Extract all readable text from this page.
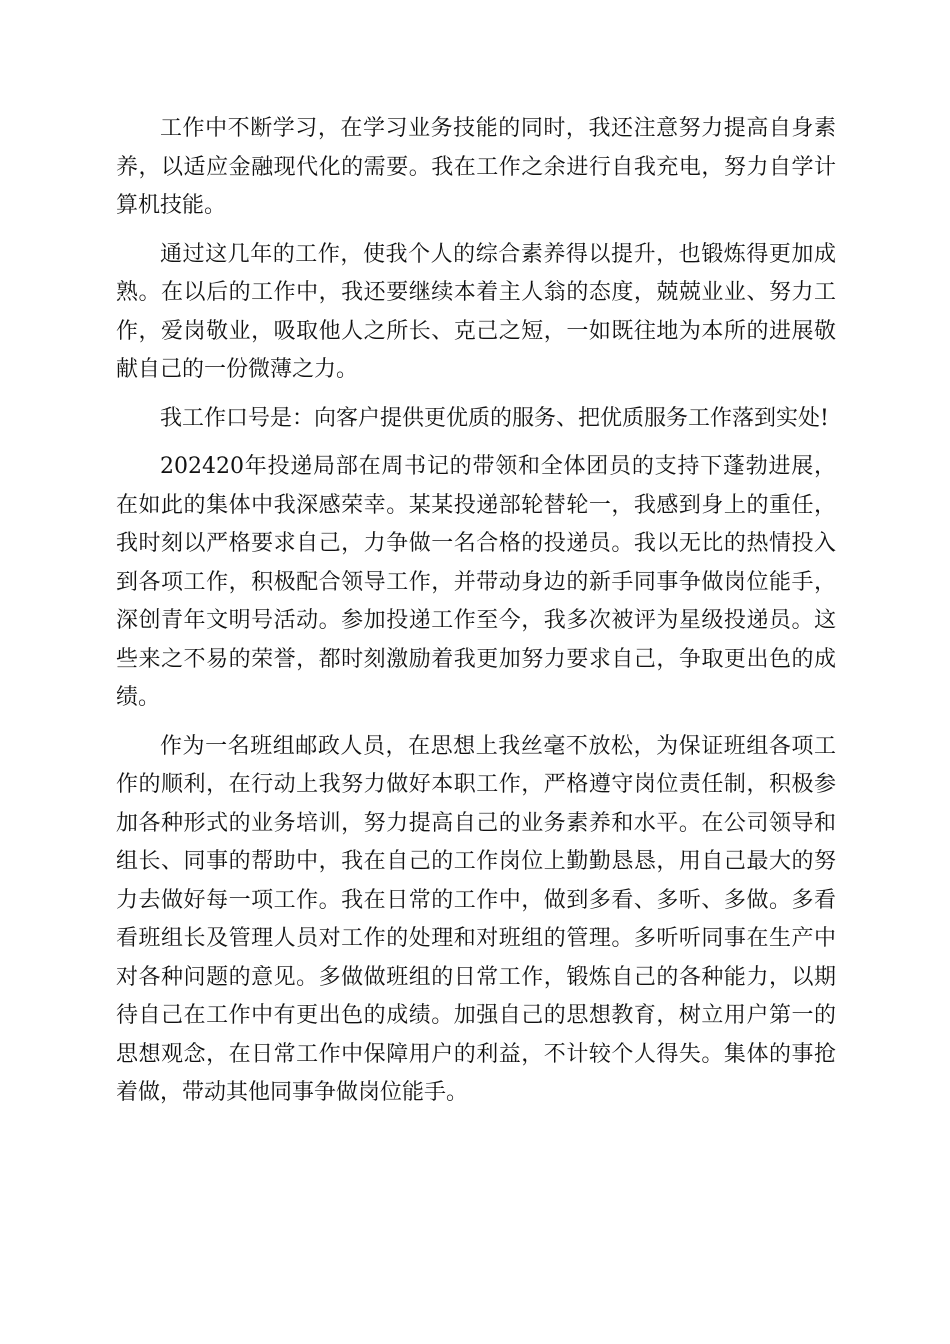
工作中不断学习，在学习业务技能的同时，我还注意努力提高自身素养，以适应金融现代化的需要。我在工作之余进行自我充电，努力自学计算机技能。

通过这几年的工作，使我个人的综合素养得以提升，也锻炼得更加成熟。在以后的工作中，我还要继续本着主人翁的态度，兢兢业业、努力工作，爱岗敬业，吸取他人之所长、克己之短，一如既往地为本所的进展敬献自己的一份微薄之力。

我工作口号是：向客户提供更优质的服务、把优质服务工作落到实处!

202420年投递局部在周书记的带领和全体团员的支持下蓬勃进展，在如此的集体中我深感荣幸。某某投递部轮替轮一，我感到身上的重任，我时刻以严格要求自己，力争做一名合格的投递员。我以无比的热情投入到各项工作，积极配合领导工作，并带动身边的新手同事争做岗位能手，深创青年文明号活动。参加投递工作至今，我多次被评为星级投递员。这些来之不易的荣誉，都时刻激励着我更加努力要求自己，争取更出色的成绩。

作为一名班组邮政人员，在思想上我丝毫不放松，为保证班组各项工作的顺利，在行动上我努力做好本职工作，严格遵守岗位责任制，积极参加各种形式的业务培训，努力提高自己的业务素养和水平。在公司领导和组长、同事的帮助中，我在自己的工作岗位上勤勤恳恳，用自己最大的努力去做好每一项工作。我在日常的工作中，做到多看、多听、多做。多看看班组长及管理人员对工作的处理和对班组的管理。多听听同事在生产中对各种问题的意见。多做做班组的日常工作，锻炼自己的各种能力，以期待自己在工作中有更出色的成绩。加强自己的思想教育，树立用户第一的思想观念，在日常工作中保障用户的利益，不计较个人得失。集体的事抢着做，带动其他同事争做岗位能手。
